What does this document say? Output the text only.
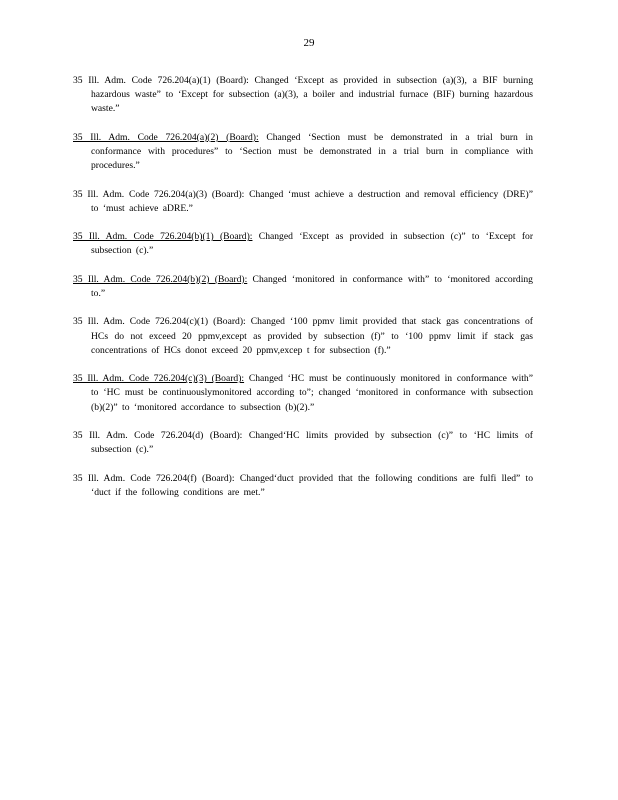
29

35 Ill. Adm. Code 726.204(a)(1) (Board): Changed ‘Except as provided in subsection (a)(3), a BIF burning hazardous waste” to ‘Except for subsection (a)(3), a boiler and industrial furnace (BIF) burning hazardous waste.”

35 Ill. Adm. Code 726.204(a)(2) (Board): Changed ‘Section must be demonstrated in a trial burn in conformance with procedures” to ‘Section must be demonstrated in a trial burn in compliance with procedures.”

35 Ill. Adm. Code 726.204(a)(3) (Board): Changed ‘must achieve a destruction and removal efficiency (DRE)” to ‘must achieve aDRE.”

35 Ill. Adm. Code 726.204(b)(1) (Board): Changed ‘Except as provided in subsection (c)” to ‘Except for subsection (c).”

35 Ill. Adm. Code 726.204(b)(2) (Board): Changed ‘monitored in conformance with” to ‘monitored according to.”

35 Ill. Adm. Code 726.204(c)(1) (Board): Changed ‘100 ppmv limit provided that stack gas concentrations of HCs do not exceed 20 ppmv,except as provided by subsection (f)” to ‘100 ppmv limit if stack gas concentrations of HCs donot exceed 20 ppmv,excep t for subsection (f).”

35 Ill. Adm. Code 726.204(c)(3) (Board): Changed ‘HC must be continuously monitored in conformance with” to ‘HC must be continuouslymonitored according to”; changed ‘monitored in conformance with subsection (b)(2)” to ‘monitored accordance to subsection (b)(2).”

35 Ill. Adm. Code 726.204(d) (Board): Changed‘HC limits provided by subsection (c)” to ‘HC limits of subsection (c).”

35 Ill. Adm. Code 726.204(f) (Board): Changed‘duct provided that the following conditions are fulfi lled” to ‘duct if the following conditions are met.”
